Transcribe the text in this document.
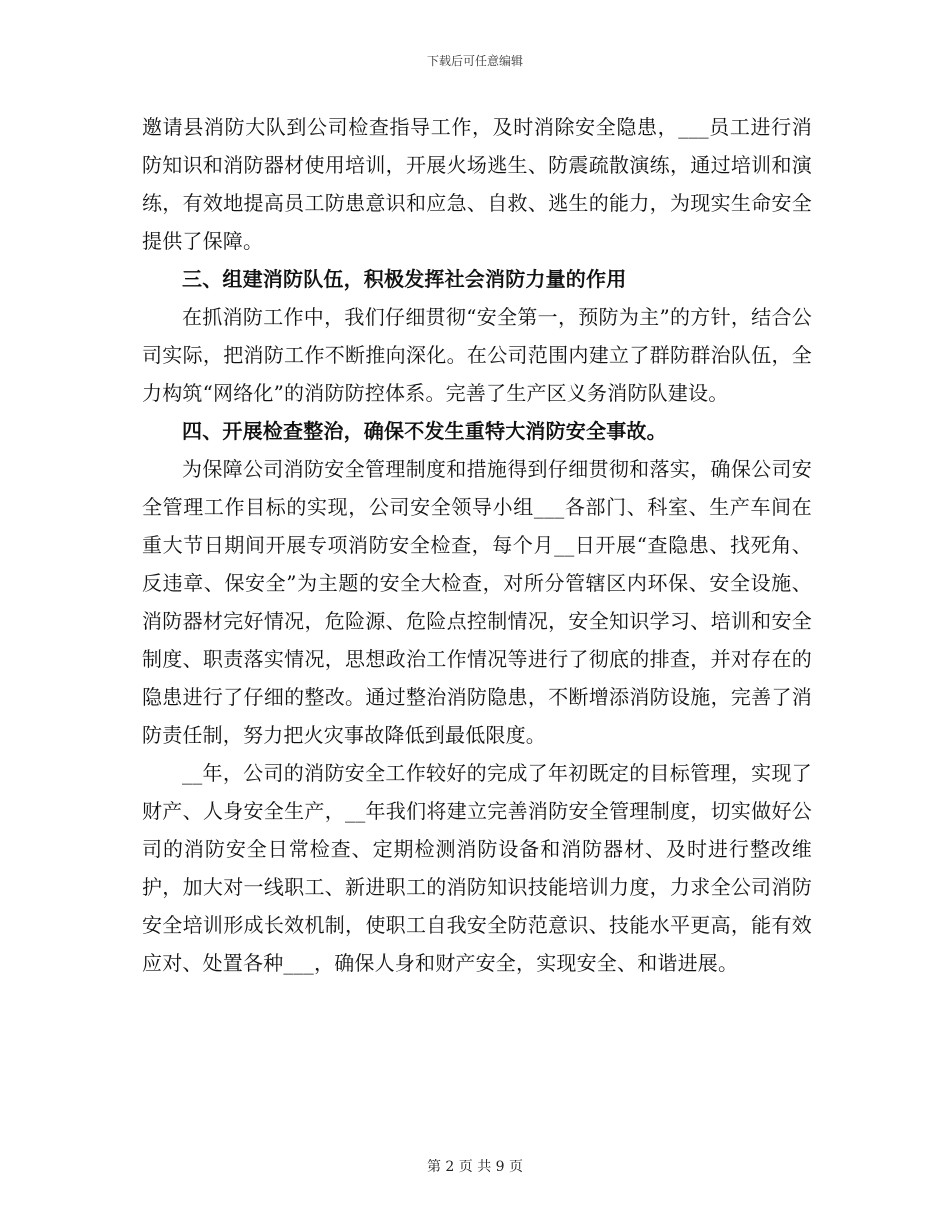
下载后可任意编辑

邀请县消防大队到公司检查指导工作，及时消除安全隐患，___员工进行消防知识和消防器材使用培训，开展火场逃生、防震疏散演练，通过培训和演练，有效地提高员工防患意识和应急、自救、逃生的能力，为现实生命安全提供了保障。

三、组建消防队伍，积极发挥社会消防力量的作用

在抓消防工作中，我们仔细贯彻“安全第一，预防为主”的方针，结合公司实际，把消防工作不断推向深化。在公司范围内建立了群防群治队伍，全力构筑“网络化”的消防防控体系。完善了生产区义务消防队建设。

四、开展检查整治，确保不发生重特大消防安全事故。

为保障公司消防安全管理制度和措施得到仔细贯彻和落实，确保公司安全管理工作目标的实现，公司安全领导小组___各部门、科室、生产车间在重大节日期间开展专项消防安全检查，每个月__日开展“查隐患、找死角、反违章、保安全”为主题的安全大检查，对所分管辖区内环保、安全设施、消防器材完好情况，危险源、危险点控制情况，安全知识学习、培训和安全制度、职责落实情况，思想政治工作情况等进行了彻底的排查，并对存在的隐患进行了仔细的整改。通过整治消防隐患，不断增添消防设施，完善了消防责任制，努力把火灾事故降低到最低限度。

__年，公司的消防安全工作较好的完成了年初既定的目标管理，实现了财产、人身安全生产，__年我们将建立完善消防安全管理制度，切实做好公司的消防安全日常检查、定期检测消防设备和消防器材、及时进行整改维护，加大对一线职工、新进职工的消防知识技能培训力度，力求全公司消防安全培训形成长效机制，使职工自我安全防范意识、技能水平更高，能有效应对、处置各种___，确保人身和财产安全，实现安全、和谐进展。

第 2 页 共 9 页
